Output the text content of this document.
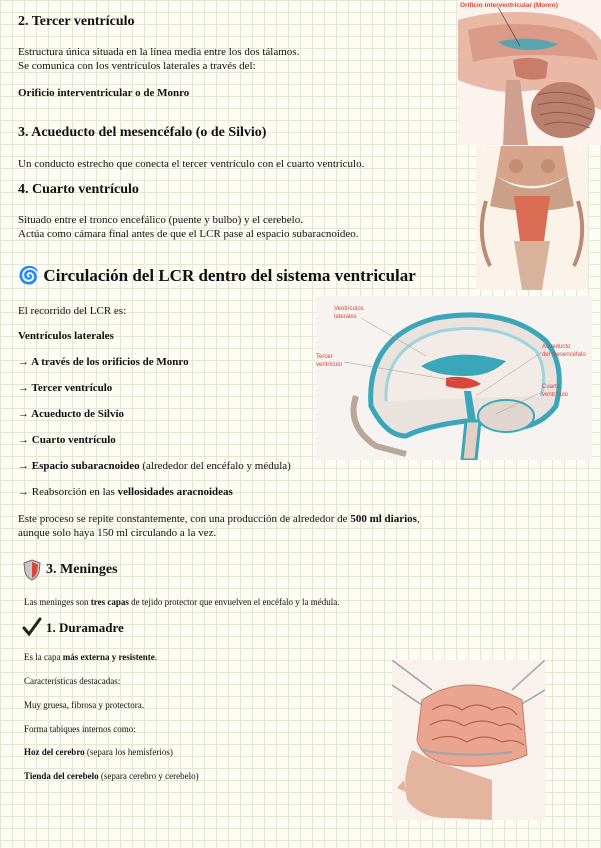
2. Tercer ventrículo
Estructura única situada en la línea media entre los dos tálamos.
Se comunica con los ventrículos laterales a través del:
Orificio interventricular o de Monro
Orificio interventricular (Monro)
3. Acueducto del mesencéfalo (o de Silvio)
Un conducto estrecho que conecta el tercer ventrículo con el cuarto ventrículo.
4. Cuarto ventrículo
Situado entre el tronco encefálico (puente y bulbo) y el cerebelo.
Actúa como cámara final antes de que el LCR pase al espacio subaracnoideo.
🌀 Circulación del LCR dentro del sistema ventricular
El recorrido del LCR es:
Ventrículos laterales
→ A través de los orificios de Monro
→ Tercer ventrículo
→ Acueducto de Silvio
→ Cuarto ventrículo
→ Espacio subaracnoideo (alrededor del encéfalo y médula)
→ Reabsorción en las vellosidades aracnoideas
Este proceso se repite constantemente, con una producción de alrededor de 500 ml diarios, aunque solo haya 150 ml circulando a la vez.
Ventrículos
laterales
Tercer
ventrículo
Acueducto
del mesencéfalo
Cuarto
ventrículo
3. Meninges
Las meninges son tres capas de tejido protector que envuelven el encéfalo y la médula.
1. Duramadre
Es la capa más externa y resistente.
Características destacadas:
Muy gruesa, fibrosa y protectora.
Forma tabiques internos como:
Hoz del cerebro (separa los hemisferios)
Tienda del cerebelo (separa cerebro y cerebelo)
